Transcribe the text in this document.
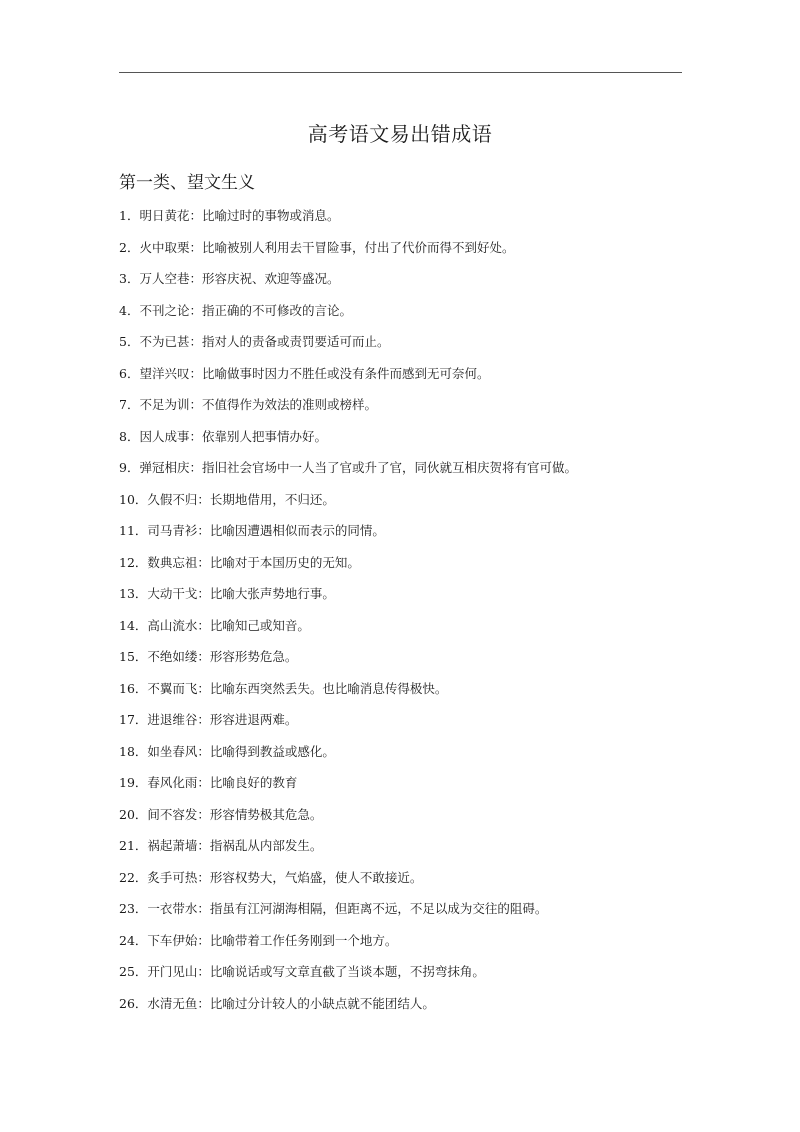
高考语文易出错成语
第一类、望文生义
1．明日黄花：比喻过时的事物或消息。
2．火中取栗：比喻被别人利用去干冒险事，付出了代价而得不到好处。
3．万人空巷：形容庆祝、欢迎等盛况。
4．不刊之论：指正确的不可修改的言论。
5．不为已甚：指对人的责备或责罚要适可而止。
6．望洋兴叹：比喻做事时因力不胜任或没有条件而感到无可奈何。
7．不足为训：不值得作为效法的准则或榜样。
8．因人成事：依靠别人把事情办好。
9．弹冠相庆：指旧社会官场中一人当了官或升了官，同伙就互相庆贺将有官可做。
10．久假不归：长期地借用，不归还。
11．司马青衫：比喻因遭遇相似而表示的同情。
12．数典忘祖：比喻对于本国历史的无知。
13．大动干戈：比喻大张声势地行事。
14．高山流水：比喻知己或知音。
15．不绝如缕：形容形势危急。
16．不翼而飞：比喻东西突然丢失。也比喻消息传得极快。
17．进退维谷：形容进退两难。
18．如坐春风：比喻得到教益或感化。
19．春风化雨：比喻良好的教育
20．间不容发：形容情势极其危急。
21．祸起萧墙：指祸乱从内部发生。
22．炙手可热：形容权势大，气焰盛，使人不敢接近。
23．一衣带水：指虽有江河湖海相隔，但距离不远，不足以成为交往的阻碍。
24．下车伊始：比喻带着工作任务刚到一个地方。
25．开门见山：比喻说话或写文章直截了当谈本题，不拐弯抹角。
26．水清无鱼：比喻过分计较人的小缺点就不能团结人。
